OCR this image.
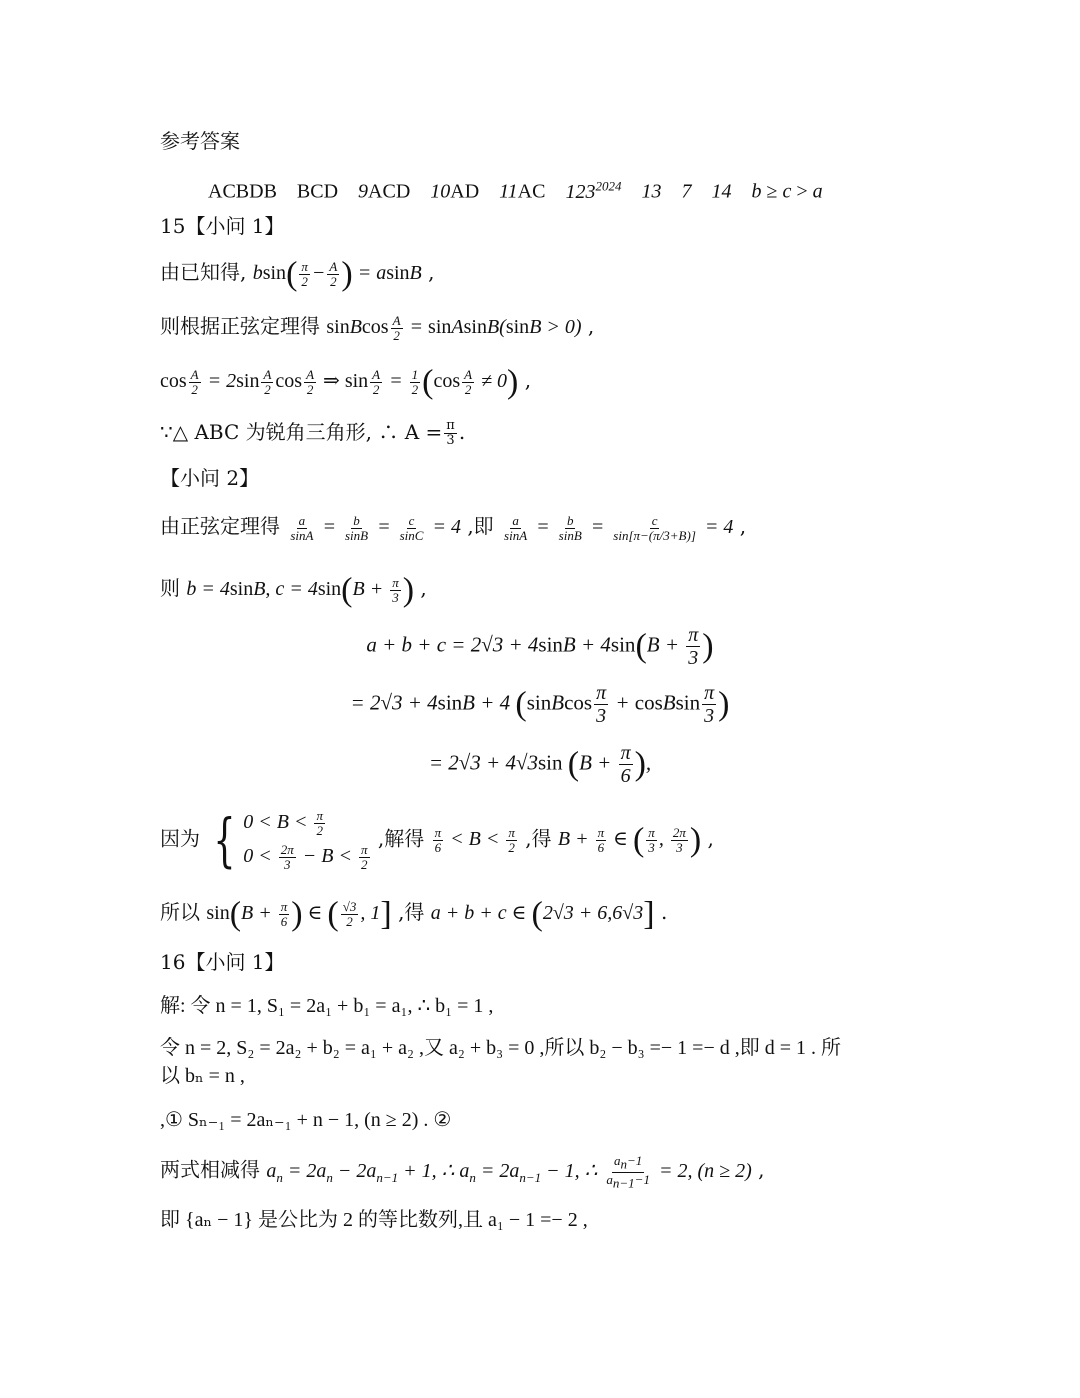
参考答案
ACBDB    BCD    9ACD    10AD    11AC    $123^{2024}$ 13 7 14 b ≥ c > a
15【小问 1】
由已知得, $bsin( \frac{\pi}{2} - \frac{A}{2}$ ) = asinB ,
则根据正弦定理得 sinBcos $\frac{A}{2}$ = sinAsinB(sinB > 0) ,
$\cos \frac{A}{2} = 2\sin \frac{A}{2}$ $\cos \frac{A}{2}$ ⇒ $\sin \frac{A}{2} = \frac{1}{2} (\cos \frac{A}{2} \ne 0)$ ,
∵△ ABC 为锐角三角形, ∴ $A = \frac{\pi}{3}$ .
【小问 2】
由正弦定理得 $\frac{a}{\sin A} = \frac{b}{\sin B} = \frac{c}{\sin C} = 4$ ,即 $\frac{a}{\sin A} = \frac{b}{\sin B} = \frac{c}{\sin[\pi-(\pi/3+B)]} = 4$ ,
则 b = 4sinB, $c = 4\sin(B + \frac{\pi}{3}$ ) ,
$a + b + c = 2√3 + 4\sin B + 4\sin(B + \frac{\pi}{3}$ )
= 2√3 + 4sinB + 4 (sinBcos $\frac{\pi}{3}$ + cosBsin $\frac{\pi}{3}$ )
= 2√3 + 4√3sin ($B + \frac{\pi}{6}$ ),
因为 { $0 < B < \frac{\pi}{2}$
$0 < \frac{2\pi}{3} - B < \frac{\pi}{2}$
,解得 $\frac{\pi}{6} < B < \frac{\pi}{2}$ ,得 $B + \frac{\pi}{6}$ ∈ ( $\frac{\pi}{3}$ , $\frac{2\pi}{3}$ ) ,
所以 $\sin(B + \frac{\pi}{6}$ ) ∈ ( $\frac{√3}{2}$ , 1] ,得 a + b + c ∈ (2√3 + 6,6√3] .
16【小问 1】
解: 令 n = 1, S₁ = 2a₁ + b₁ = a₁, ∴ b₁ = 1 ,
令 n = 2, S₂ = 2a₂ + b₂ = a₁ + a₂ ,又 a₂ + b₃ = 0 ,所以 b₂ − b₃ =− 1 =− d ,即 d = 1 . 所
以 bₙ = n ,
,① Sₙ₋₁ = 2aₙ₋₁ + n − 1, (n ≥ 2) . ②
两式相减得 $a_n = 2a_n - 2a_{n-1} + 1$, ∴ $a_n = 2a_{n-1} - 1$, ∴ $\frac{a_n-1}{a_{n-1}-1} = 2$, (n ≥ 2) ,
即 {aₙ − 1} 是公比为 2 的等比数列,且 a₁ − 1 =− 2 ,
